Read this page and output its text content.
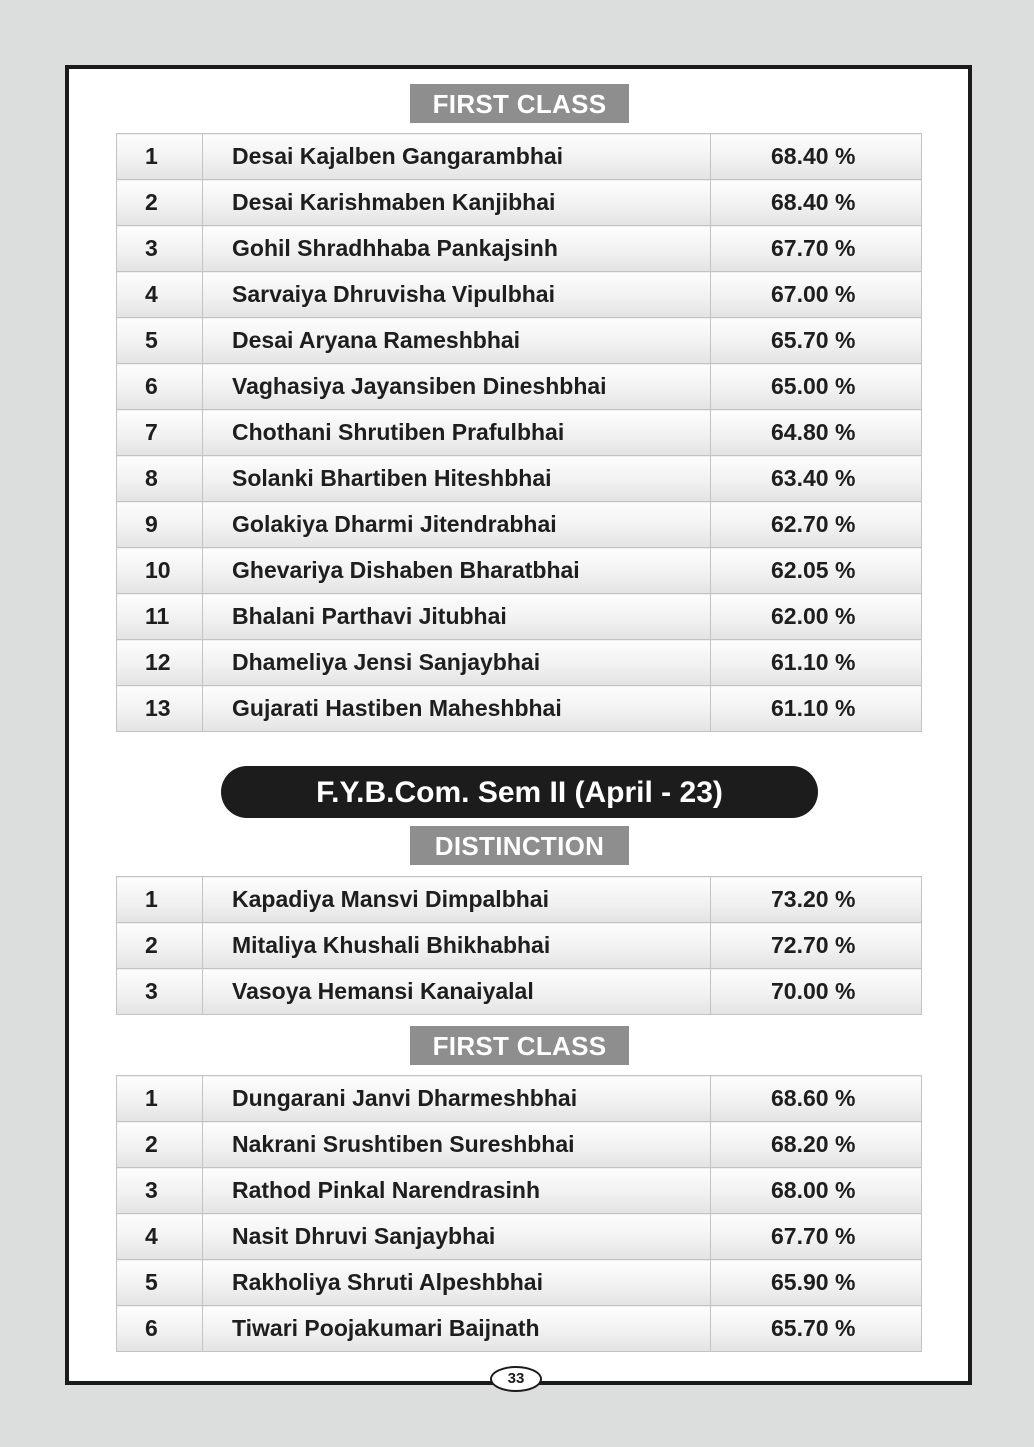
FIRST CLASS
1	Desai Kajalben Gangarambhai	68.40 %
2	Desai Karishmaben Kanjibhai	68.40 %
3	Gohil Shradhhaba Pankajsinh	67.70 %
4	Sarvaiya Dhruvisha Vipulbhai	67.00 %
5	Desai Aryana Rameshbhai	65.70 %
6	Vaghasiya Jayansiben Dineshbhai	65.00 %
7	Chothani Shrutiben Prafulbhai	64.80 %
8	Solanki Bhartiben Hiteshbhai	63.40 %
9	Golakiya Dharmi Jitendrabhai	62.70 %
10	Ghevariya Dishaben Bharatbhai	62.05 %
11	Bhalani Parthavi Jitubhai	62.00 %
12	Dhameliya Jensi Sanjaybhai	61.10 %
13	Gujarati Hastiben Maheshbhai	61.10 %
F.Y.B.Com. Sem II (April - 23)
DISTINCTION
1	Kapadiya Mansvi Dimpalbhai	73.20 %
2	Mitaliya Khushali Bhikhabhai	72.70 %
3	Vasoya Hemansi Kanaiyalal	70.00 %
FIRST CLASS
1	Dungarani Janvi Dharmeshbhai	68.60 %
2	Nakrani Srushtiben Sureshbhai	68.20 %
3	Rathod Pinkal Narendrasinh	68.00 %
4	Nasit Dhruvi Sanjaybhai	67.70 %
5	Rakholiya Shruti Alpeshbhai	65.90 %
6	Tiwari Poojakumari Baijnath	65.70 %
33
